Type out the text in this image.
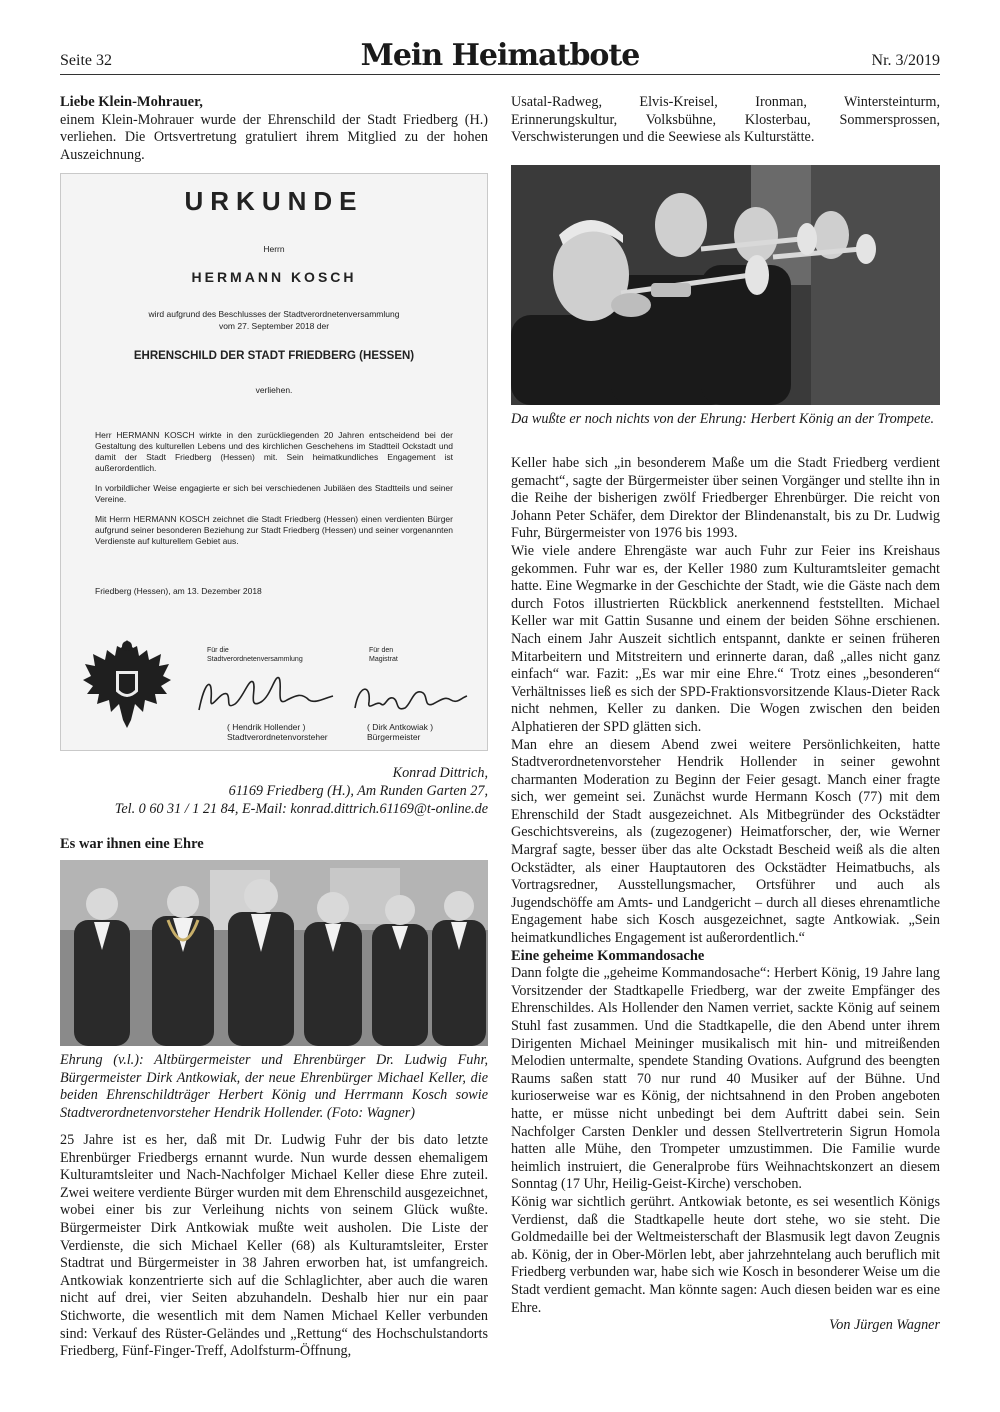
Seite 32	Mein Heimatbote	Nr. 3/2019

Liebe Klein-Mohrauer,

einem Klein-Mohrauer wurde der Ehrenschild der Stadt Friedberg (H.) verliehen. Die Ortsvertretung gratuliert ihrem Mitglied zu der hohen Auszeichnung.

URKUNDE
Herrn
HERMANN KOSCH
wird aufgrund des Beschlusses der Stadtverordnetenversammlung
vom 27. September 2018 der
EHRENSCHILD DER STADT FRIEDBERG (HESSEN)
verliehen.

Herr HERMANN KOSCH wirkte in den zurückliegenden 20 Jahren entscheidend bei der Gestaltung des kulturellen Lebens und des kirchlichen Geschehens im Stadtteil Ockstadt und damit der Stadt Friedberg (Hessen) mit. Sein heimatkundliches Engagement ist außerordentlich.

In vorbildlicher Weise engagierte er sich bei verschiedenen Jubiläen des Stadtteils und seiner Vereine.

Mit Herrn HERMANN KOSCH zeichnet die Stadt Friedberg (Hessen) einen verdienten Bürger aufgrund seiner besonderen Beziehung zur Stadt Friedberg (Hessen) und seiner vorgenannten Verdienste auf kulturellem Gebiet aus.

Friedberg (Hessen), am 13. Dezember 2018
Für die
Stadtverordnetenversammlung
Für den
Magistrat
( Hendrik Hollender )
Stadtverordnetenvorsteher
( Dirk Antkowiak )
Bürgermeister
Konrad Dittrich,
61169 Friedberg (H.), Am Runden Garten 27,
Tel. 0 60 31 / 1 21 84, E-Mail: konrad.dittrich.61169@t-online.de
Es war ihnen eine Ehre
Ehrung (v.l.): Altbürgermeister und Ehrenbürger Dr. Ludwig Fuhr, Bürgermeister Dirk Antkowiak, der neue Ehrenbürger Michael Keller, die beiden Ehrenschildträger Herbert König und Herrmann Kosch sowie Stadtverordnetenvorsteher Hendrik Hollender. (Foto: Wagner)
25 Jahre ist es her, daß mit Dr. Ludwig Fuhr der bis dato letzte Ehrenbürger Friedbergs ernannt wurde. Nun wurde dessen ehemaligem Kulturamtsleiter und Nach-Nachfolger Michael Keller diese Ehre zuteil. Zwei weitere verdiente Bürger wurden mit dem Ehrenschild ausgezeichnet, wobei einer bis zur Verleihung nichts von seinem Glück wußte. Bürgermeister Dirk Antkowiak mußte weit ausholen. Die Liste der Verdienste, die sich Michael Keller (68) als Kulturamtsleiter, Erster Stadtrat und Bürgermeister in 38 Jahren erworben hat, ist umfangreich. Antkowiak konzentrierte sich auf die Schlaglichter, aber auch die waren nicht auf drei, vier Seiten abzuhandeln. Deshalb hier nur ein paar Stichworte, die wesentlich mit dem Namen Michael Keller verbunden sind: Verkauf des Rüster-Geländes und „Rettung“ des Hochschulstandorts Friedberg, Fünf-Finger-Treff, Adolfsturm-Öffnung,
Usatal-Radweg, Elvis-Kreisel, Ironman, Wintersteinturm, Erinnerungskultur, Volksbühne, Klosterbau, Sommersprossen, Verschwisterungen und die Seewiese als Kulturstätte.
Da wußte er noch nichts von der Ehrung: Herbert König an der Trompete.

Keller habe sich „in besonderem Maße um die Stadt Friedberg verdient gemacht“, sagte der Bürgermeister über seinen Vorgänger und stellte ihn in die Reihe der bisherigen zwölf Friedberger Ehrenbürger. Die reicht von Johann Peter Schäfer, dem Direktor der Blindenanstalt, bis zu Dr. Ludwig Fuhr, Bürgermeister von 1976 bis 1993.

Wie viele andere Ehrengäste war auch Fuhr zur Feier ins Kreishaus gekommen. Fuhr war es, der Keller 1980 zum Kulturamtsleiter gemacht hatte. Eine Wegmarke in der Geschichte der Stadt, wie die Gäste nach dem durch Fotos illustrierten Rückblick anerkennend feststellten. Michael Keller war mit Gattin Susanne und einem der beiden Söhne erschienen. Nach einem Jahr Auszeit sichtlich entspannt, dankte er seinen früheren Mitarbeitern und Mitstreitern und erinnerte daran, daß „alles nicht ganz einfach“ war. Fazit: „Es war mir eine Ehre.“ Trotz eines „besonderen“ Verhältnisses ließ es sich der SPD-Fraktionsvorsitzende Klaus-Dieter Rack nicht nehmen, Keller zu danken. Die Wogen zwischen den beiden Alphatieren der SPD glätten sich.

Man ehre an diesem Abend zwei weitere Persönlichkeiten, hatte Stadtverordnetenvorsteher Hendrik Hollender in seiner gewohnt charmanten Moderation zu Beginn der Feier gesagt. Manch einer fragte sich, wer gemeint sei. Zunächst wurde Hermann Kosch (77) mit dem Ehrenschild der Stadt ausgezeichnet. Als Mitbegründer des Ockstädter Geschichtsvereins, als (zugezogener) Heimatforscher, der, wie Werner Margraf sagte, besser über das alte Ockstadt Bescheid weiß als die alten Ockstädter, als einer Hauptautoren des Ockstädter Heimatbuchs, als Vortragsredner, Ausstellungsmacher, Ortsführer und auch als Jugendschöffe am Amts- und Landgericht – durch all dieses ehrenamtliche Engagement habe sich Kosch ausgezeichnet, sagte Antkowiak. „Sein heimatkundliches Engagement ist außerordentlich.“

Eine geheime Kommandosache

Dann folgte die „geheime Kommandosache“: Herbert König, 19 Jahre lang Vorsitzender der Stadtkapelle Friedberg, war der zweite Empfänger des Ehrenschildes. Als Hollender den Namen verriet, sackte König auf seinem Stuhl fast zusammen. Und die Stadtkapelle, die den Abend unter ihrem Dirigenten Michael Meininger musikalisch mit hin- und mitreißenden Melodien untermalte, spendete Standing Ovations. Aufgrund des beengten Raums saßen statt 70 nur rund 40 Musiker auf der Bühne. Und kurioserweise war es König, der nichtsahnend in den Proben angeboten hatte, er müsse nicht unbedingt bei dem Auftritt dabei sein. Sein Nachfolger Carsten Denkler und dessen Stellvertreterin Sigrun Homola hatten alle Mühe, den Trompeter umzustimmen. Die Familie wurde heimlich instruiert, die Generalprobe fürs Weihnachtskonzert an diesem Sonntag (17 Uhr, Heilig-Geist-Kirche) verschoben.

König war sichtlich gerührt. Antkowiak betonte, es sei wesentlich Königs Verdienst, daß die Stadtkapelle heute dort stehe, wo sie steht. Die Goldmedaille bei der Weltmeisterschaft der Blasmusik legt davon Zeugnis ab. König, der in Ober-Mörlen lebt, aber jahrzehntelang auch beruflich mit Friedberg verbunden war, habe sich wie Kosch in besonderer Weise um die Stadt verdient gemacht. Man könnte sagen: Auch diesen beiden war es eine Ehre.

Von Jürgen Wagner
